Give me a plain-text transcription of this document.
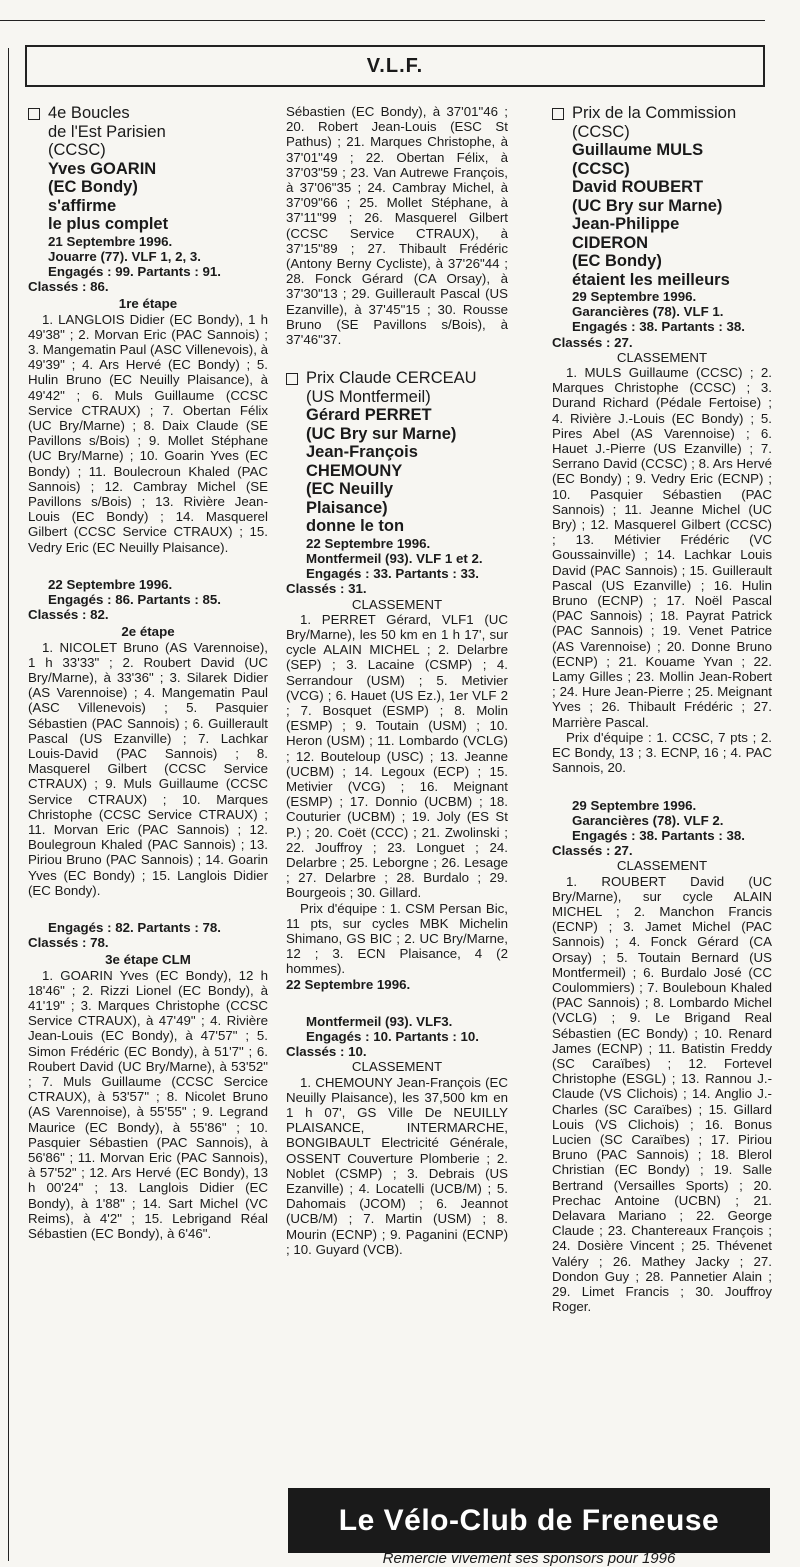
V.L.F.
4e Boucles
de l'Est Parisien
(CCSC)
Yves GOARIN
(EC Bondy)
s'affirme
le plus complet
21 Septembre 1996.
Jouarre (77). VLF 1, 2, 3.
Engagés : 99. Partants : 91.
Classés : 86.
1re étape
1. LANGLOIS Didier (EC Bondy), 1 h 49'38" ; 2. Morvan Eric (PAC Sannois) ; 3. Mangematin Paul (ASC Villenevois), à 49'39" ; 4. Ars Hervé (EC Bondy) ; 5. Hulin Bruno (EC Neuilly Plaisance), à 49'42" ; 6. Muls Guillaume (CCSC Service CTRAUX) ; 7. Obertan Félix (UC Bry/Marne) ; 8. Daix Claude (SE Pavillons s/Bois) ; 9. Mollet Stéphane (UC Bry/Marne) ; 10. Goarin Yves (EC Bondy) ; 11. Boulecroun Khaled (PAC Sannois) ; 12. Cambray Michel (SE Pavillons s/Bois) ; 13. Rivière Jean-Louis (EC Bondy) ; 14. Masquerel Gilbert (CCSC Service CTRAUX) ; 15. Vedry Eric (EC Neuilly Plaisance).
22 Septembre 1996.
Engagés : 86. Partants : 85.
Classés : 82.
2e étape
1. NICOLET Bruno (AS Varennoise), 1 h 33'33" ; 2. Roubert David (UC Bry/Marne), à 33'36" ; 3. Silarek Didier (AS Varennoise) ; 4. Mangematin Paul (ASC Villenevois) ; 5. Pasquier Sébastien (PAC Sannois) ; 6. Guillerault Pascal (US Ezanville) ; 7. Lachkar Louis-David (PAC Sannois) ; 8. Masquerel Gilbert (CCSC Service CTRAUX) ; 9. Muls Guillaume (CCSC Service CTRAUX) ; 10. Marques Christophe (CCSC Service CTRAUX) ; 11. Morvan Eric (PAC Sannois) ; 12. Boulegroun Khaled (PAC Sannois) ; 13. Piriou Bruno (PAC Sannois) ; 14. Goarin Yves (EC Bondy) ; 15. Langlois Didier (EC Bondy).
Engagés : 82. Partants : 78.
Classés : 78.
3e étape CLM
1. GOARIN Yves (EC Bondy), 12 h 18'46" ; 2. Rizzi Lionel (EC Bondy), à 41'19" ; 3. Marques Christophe (CCSC Service CTRAUX), à 47'49" ; 4. Rivière Jean-Louis (EC Bondy), à 47'57" ; 5. Simon Frédéric (EC Bondy), à 51'7" ; 6. Roubert David (UC Bry/Marne), à 53'52" ; 7. Muls Guillaume (CCSC Sercice CTRAUX), à 53'57" ; 8. Nicolet Bruno (AS Varennoise), à 55'55" ; 9. Legrand Maurice (EC Bondy), à 55'86" ; 10. Pasquier Sébastien (PAC Sannois), à 56'86" ; 11. Morvan Eric (PAC Sannois), à 57'52" ; 12. Ars Hervé (EC Bondy), 13 h 00'24" ; 13. Langlois Didier (EC Bondy), à 1'88" ; 14. Sart Michel (VC Reims), à 4'2" ; 15. Lebrigand Réal Sébastien (EC Bondy), à 6'46".
Sébastien (EC Bondy), à 37'01"46 ; 20. Robert Jean-Louis (ESC St Pathus) ; 21. Marques Christophe, à 37'01"49 ; 22. Obertan Félix, à 37'03"59 ; 23. Van Autrewe François, à 37'06"35 ; 24. Cambray Michel, à 37'09"66 ; 25. Mollet Stéphane, à 37'11"99 ; 26. Masquerel Gilbert (CCSC Service CTRAUX), à 37'15"89 ; 27. Thibault Frédéric (Antony Berny Cycliste), à 37'26"44 ; 28. Fonck Gérard (CA Orsay), à 37'30"13 ; 29. Guillerault Pascal (US Ezanville), à 37'45"15 ; 30. Rousse Bruno (SE Pavillons s/Bois), à 37'46"37.
Prix Claude CERCEAU
(US Montfermeil)
Gérard PERRET
(UC Bry sur Marne)
Jean-François
CHEMOUNY
(EC Neuilly
Plaisance)
donne le ton
22 Septembre 1996.
Montfermeil (93). VLF 1 et 2.
Engagés : 33. Partants : 33.
Classés : 31.
CLASSEMENT
1. PERRET Gérard, VLF1 (UC Bry/Marne), les 50 km en 1 h 17', sur cycle ALAIN MICHEL ; 2. Delarbre (SEP) ; 3. Lacaine (CSMP) ; 4. Serrandour (USM) ; 5. Metivier (VCG) ; 6. Hauet (US Ez.), 1er VLF 2 ; 7. Bosquet (ESMP) ; 8. Molin (ESMP) ; 9. Toutain (USM) ; 10. Heron (USM) ; 11. Lombardo (VCLG) ; 12. Bouteloup (USC) ; 13. Jeanne (UCBM) ; 14. Legoux (ECP) ; 15. Metivier (VCG) ; 16. Meignant (ESMP) ; 17. Donnio (UCBM) ; 18. Couturier (UCBM) ; 19. Joly (ES St P.) ; 20. Coët (CCC) ; 21. Zwolinski ; 22. Jouffroy ; 23. Longuet ; 24. Delarbre ; 25. Leborgne ; 26. Lesage ; 27. Delarbre ; 28. Burdalo ; 29. Bourgeois ; 30. Gillard.
Prix d'équipe : 1. CSM Persan Bic, 11 pts, sur cycles MBK Michelin Shimano, GS BIC ; 2. UC Bry/Marne, 12 ; 3. ECN Plaisance, 4 (2 hommes).
22 Septembre 1996.
Montfermeil (93). VLF3.
Engagés : 10. Partants : 10.
Classés : 10.
CLASSEMENT
1. CHEMOUNY Jean-François (EC Neuilly Plaisance), les 37,500 km en 1 h 07', GS Ville De NEUILLY PLAISANCE, INTERMARCHE, BONGIBAULT Electricité Générale, OSSENT Couverture Plomberie ; 2. Noblet (CSMP) ; 3. Debrais (US Ezanville) ; 4. Locatelli (UCB/M) ; 5. Dahomais (JCOM) ; 6. Jeannot (UCB/M) ; 7. Martin (USM) ; 8. Mourin (ECNP) ; 9. Paganini (ECNP) ; 10. Guyard (VCB).
Prix de la Commission
(CCSC)
Guillaume MULS
(CCSC)
David ROUBERT
(UC Bry sur Marne)
Jean-Philippe
CIDERON
(EC Bondy)
étaient les meilleurs
29 Septembre 1996.
Garancières (78). VLF 1.
Engagés : 38. Partants : 38.
Classés : 27.
CLASSEMENT
1. MULS Guillaume (CCSC) ; 2. Marques Christophe (CCSC) ; 3. Durand Richard (Pédale Fertoise) ; 4. Rivière J.-Louis (EC Bondy) ; 5. Pires Abel (AS Varennoise) ; 6. Hauet J.-Pierre (US Ezanville) ; 7. Serrano David (CCSC) ; 8. Ars Hervé (EC Bondy) ; 9. Vedry Eric (ECNP) ; 10. Pasquier Sébastien (PAC Sannois) ; 11. Jeanne Michel (UC Bry) ; 12. Masquerel Gilbert (CCSC) ; 13. Métivier Frédéric (VC Goussainville) ; 14. Lachkar Louis David (PAC Sannois) ; 15. Guillerault Pascal (US Ezanville) ; 16. Hulin Bruno (ECNP) ; 17. Noël Pascal (PAC Sannois) ; 18. Payrat Patrick (PAC Sannois) ; 19. Venet Patrice (AS Varennoise) ; 20. Donne Bruno (ECNP) ; 21. Kouame Yvan ; 22. Lamy Gilles ; 23. Mollin Jean-Robert ; 24. Hure Jean-Pierre ; 25. Meignant Yves ; 26. Thibault Frédéric ; 27. Marrière Pascal.
Prix d'équipe : 1. CCSC, 7 pts ; 2. EC Bondy, 13 ; 3. ECNP, 16 ; 4. PAC Sannois, 20.
29 Septembre 1996.
Garancières (78). VLF 2.
Engagés : 38. Partants : 38.
Classés : 27.
CLASSEMENT
1. ROUBERT David (UC Bry/Marne), sur cycle ALAIN MICHEL ; 2. Manchon Francis (ECNP) ; 3. Jamet Michel (PAC Sannois) ; 4. Fonck Gérard (CA Orsay) ; 5. Toutain Bernard (US Montfermeil) ; 6. Burdalo José (CC Coulommiers) ; 7. Bouleboun Khaled (PAC Sannois) ; 8. Lombardo Michel (VCLG) ; 9. Le Brigand Real Sébastien (EC Bondy) ; 10. Renard James (ECNP) ; 11. Batistin Freddy (SC Caraïbes) ; 12. Fortevel Christophe (ESGL) ; 13. Rannou J.-Claude (VS Clichois) ; 14. Anglio J.-Charles (SC Caraïbes) ; 15. Gillard Louis (VS Clichois) ; 16. Bonus Lucien (SC Caraïbes) ; 17. Piriou Bruno (PAC Sannois) ; 18. Blerol Christian (EC Bondy) ; 19. Salle Bertrand (Versailles Sports) ; 20. Prechac Antoine (UCBN) ; 21. Delavara Mariano ; 22. George Claude ; 23. Chantereaux François ; 24. Dosière Vincent ; 25. Thévenet Valéry ; 26. Mathey Jacky ; 27. Dondon Guy ; 28. Pannetier Alain ; 29. Limet Francis ; 30. Jouffroy Roger.
Le Vélo-Club de Freneuse
Remercie vivement ses sponsors pour 1996
